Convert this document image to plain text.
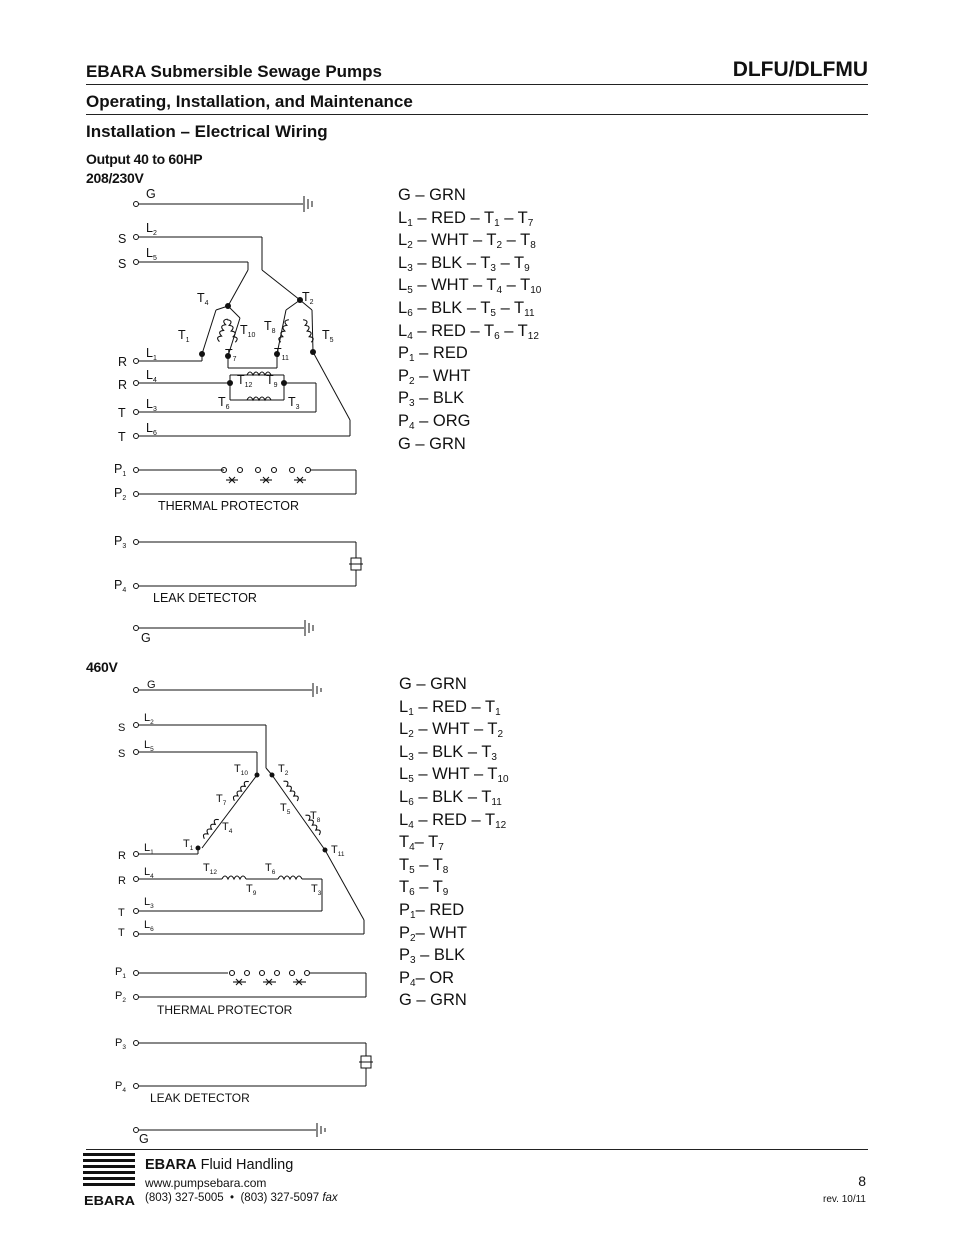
EBARA Submersible Sewage Pumps	DLFU/DLFMU
Operating, Installation, and Maintenance
Installation – Electrical Wiring
Output 40 to 60HP
208/230V
460V
G
S
S
R
R
T
T
$L_2$
$L_5$
$L_1$
$L_4$
$L_3$
$L_6$
$T_4$	$T_2$
$T_1$
$T_{10}$
$T_8$	$T_5$
$T_7$	$T_{11}$
$T_{12}$ $T_9$
$T_6$	$T_3$
$P_1$
$P_2$
$P_3$
$P_4$
G
THERMAL PROTECTOR
LEAK DETECTOR
G – GRN
$L_1$ – RED – $T_1 - T_7$
$L_2$ – WHT – $T_2 - T_8$
$L_3$ – BLK – $T_3 - T_9$
$L_5$ – WHT – $T_4 - T_{10}$
$L_6$ – BLK – $T_5 - T_{11}$
$L_4$ – RED – $T_6 - T_{12}$
$P_1$ – RED
$P_2$ – WHT
$P_3$ – BLK
$P_4$ – ORG
G – GRN
G
S
S
R
R
T
T
$L_2$
$L_5$
$L_1$
$L_4$
$L_3$
$L_6$
$T_{10}$	$T_2$
$T_7$	$T_5$ $T_8$
$T_4$
$T_1$	$T_{11}$
$T_{12}$	$T_6$
$T_9$	$T_3$
$P_1$
$P_2$
$P_3$
$P_4$
G
THERMAL PROTECTOR
LEAK DETECTOR
G – GRN
$L_1$ – RED – $T_1$
$L_2$ – WHT – $T_2$
$L_3$ – BLK – $T_3$
$L_5$ – WHT – $T_{10}$
$L_6$ – BLK – $T_{11}$
$L_4$ – RED – $T_{12}$
$T_4-$ $T_7$
$T_5 - T_8$
$T_6 - T_9$
$P_1-$ RED
$P_2-$ WHT
$P_3$ – BLK
$P_4-$ OR
G – GRN
EBARA
EBARA Fluid Handling
www.pumpsebara.com
(803) 327-5005 • (803) 327-5097 fax
8
rev. 10/11
